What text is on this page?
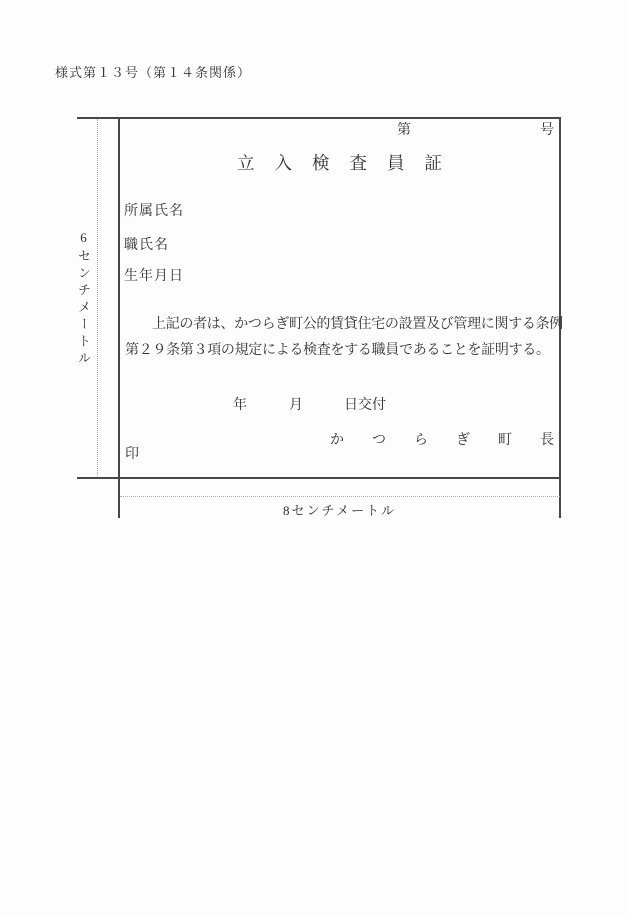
様式第１３号（第１４条関係）
6センチメートル
8センチメートル
第	号
立入検査員証
所属氏名
職氏名
生年月日
上記の者は、かつらぎ町公的賃貸住宅の設置及び管理に関する条例
第２９条第３項の規定による検査をする職員であることを証明する。
年	月	日交付
かつらぎ町長
印
